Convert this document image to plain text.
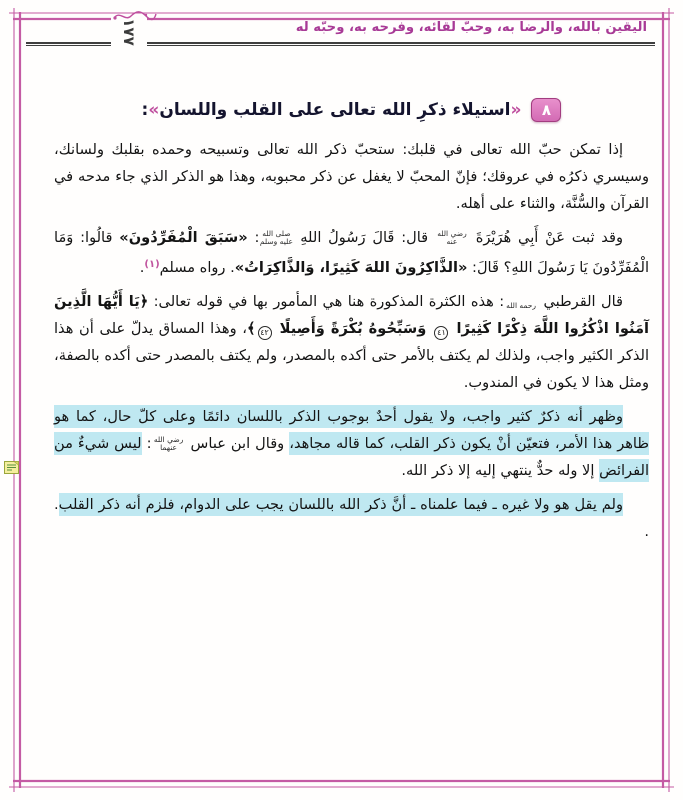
١٧٧	اليقين بالله، والرضا به، وحبّ لقائه، وفرحه به، وحبّه له
٨
«استيلاء ذكرِ الله تعالى على القلب واللسان»:

إذا تمكن حبّ الله تعالى في قلبك: ستحبّ ذكر الله تعالى وتسبيحه وحمده بقلبك ولسانك، وسيسري ذكرُه في عروقك؛ فإنّ المحبّ لا يغفل عن ذكر محبوبه، وهذا هو الذكر الذي جاء مدحه في القرآن والسُّنَّة، والثناء على أهله.

وقد ثبت عَنْ أَبِي هُرَيْرَةَ رضي الله عنه قال: قَالَ رَسُولُ اللهِ صلى الله عليه وسلم: «سَبَقَ الْمُفَرِّدُونَ» قالُوا: وَمَا الْمُفَرِّدُونَ يَا رَسُولَ اللهِ؟ قَالَ: «الذَّاكِرُونَ اللهَ كَثِيرًا، وَالذَّاكِرَاتُ». رواه مسلم$^{(١)}$.

قال القرطبي رحمه الله: هذه الكثرة المذكورة هنا هي المأمور بها في قوله تعالى: ﴿يَا أَيُّهَا الَّذِينَ آمَنُوا اذْكُرُوا اللَّهَ ذِكْرًا كَثِيرًا ٤١ وَسَبِّحُوهُ بُكْرَةً وَأَصِيلًا ٤٢﴾، وهذا المساق يدلّ على أن هذا الذكر الكثير واجب، ولذلك لم يكتف بالأمر حتى أكده بالمصدر، ولم يكتف بالمصدر حتى أكده بالصفة، ومثل هذا لا يكون في المندوب.

وظهر أنه ذكرٌ كثير واجب، ولا يقول أحدٌ بوجوب الذكر باللسان دائمًا وعلى كلّ حال، كما هو ظاهر هذا الأمر، فتعيّن أنْ يكون ذكر القلب، كما قاله مجاهد، وقال ابن عباس رضي الله عنهما: ليس شيءٌ من الفرائض إلا وله حدٌّ ينتهي إليه إلا ذكر الله.

ولم يقل هو ولا غيره ـ فيما علمناه ـ أنَّ ذكر الله باللسان يجب على الدوام، فلزم أنه ذكر القلب. .
